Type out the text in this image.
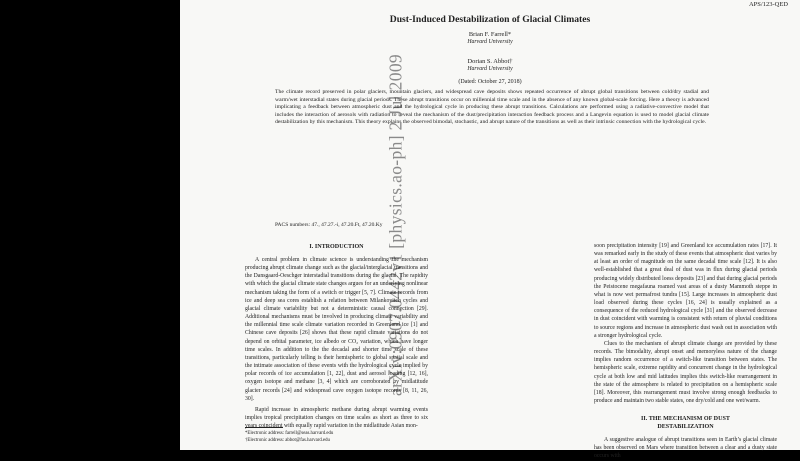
APS/123-QED
arXiv:0907.0442v1 [physics.ao-ph] 2 Jul 2009
Dust-Induced Destabilization of Glacial Climates
Brian F. Farrell*
Harvard University
Dorian S. Abbot†
Harvard University
(Dated: October 27, 2018)

The climate record preserved in polar glaciers, mountain glaciers, and widespread cave deposits shows repeated occurrence of abrupt global transitions between cold/dry stadial and warm/wet interstadial states during glacial periods. These abrupt transitions occur on millennial time scale and in the absence of any known global-scale forcing. Here a theory is advanced implicating a feedback between atmospheric dust and the hydrological cycle in producing these abrupt transitions. Calculations are performed using a radiative-convective model that includes the interaction of aerosols with radiation to reveal the mechanism of the dust/precipitation interaction feedback process and a Langevin equation is used to model glacial climate destabilization by this mechanism. This theory explains the observed bimodal, stochastic, and abrupt nature of the transitions as well as their intrinsic connection with the hydrological cycle.

PACS numbers: 47., 47.27.-i, 47.20.Ft, 47.20.Ky
I. INTRODUCTION

A central problem in climate science is understanding the mechanism producing abrupt climate change such as the glacial/interglacial transitions and the Dansgaard-Oeschger interstadial transitions during the glacial. The rapidity with which the glacial climate state changes argues for an underlying nonlinear mechanism taking the form of a switch or trigger [5, 7]. Climate records from ice and deep sea cores establish a relation between Milankovitch cycles and glacial climate variability but not a deterministic causal connection [29]. Additional mechanisms must be involved in producing climate variability and the millennial time scale climate variation recorded in Greenland ice [1] and Chinese cave deposits [26] shows that these rapid climate variations do not depend on orbital parameter, ice albedo or CO₂ variation, which have longer time scales. In addition to the the decadal and shorter time scale of these transitions, particularly telling is their hemispheric to global spatial scale and the intimate association of these events with the hydrological cycle implied by polar records of ice accumulation [1, 22], dust and aerosol loading [12, 16], oxygen isotope and methane [3, 4] which are corroborated by midlatitude glacier records [24] and widespread cave oxygen isotope records [8, 11, 26, 30].

Rapid increase in atmospheric methane during abrupt warming events implies tropical precipitation changes on time scales as short as three to six years coincident with equally rapid variation in the midlatitude Asian mon-

soon precipitation intensity [19] and Greenland ice accumulation rates [17]. It was remarked early in the study of these events that atmospheric dust varies by at least an order of magnitude on the same decadal time scale [12]. It is also well-established that a great deal of dust was in flux during glacial periods producing widely distributed loess deposits [23] and that during glacial periods the Peistocene megafauna roamed vast areas of a dusty Mammoth steppe in what is now wet permafrost tundra [15]. Large increases in atmospheric dust load observed during these cycles [16, 24] is usually explained as a consequence of the reduced hydrological cycle [31] and the observed decrease in dust coincident with warming is consistent with return of pluvial conditions to source regions and increase in atmospheric dust wash out in association with a stronger hydrological cycle.

Clues to the mechanism of abrupt climate change are provided by these records. The bimodality, abrupt onset and memoryless nature of the change implies random occurrence of a switch-like transition between states. The hemispheric scale, extreme rapidity and concurrent change in the hydrological cycle at both low and mid latitudes implies this switch-like rearrangement in the state of the atmosphere is related to precipitation on a hemispheric scale [18]. Moreover, this rearrangement must involve strong enough feedbacks to produce and maintain two stable states, one dry/cold and one wet/warm.

II. THE MECHANISM OF DUST
DESTABILIZATION

A suggestive analogue of abrupt transitions seen in Earth’s glacial climate has been observed on Mars where transition between a clear and a dusty state occurs with

*Electronic address: farrell@seas.harvard.edu
†Electronic address: abbot@fas.harvard.edu
